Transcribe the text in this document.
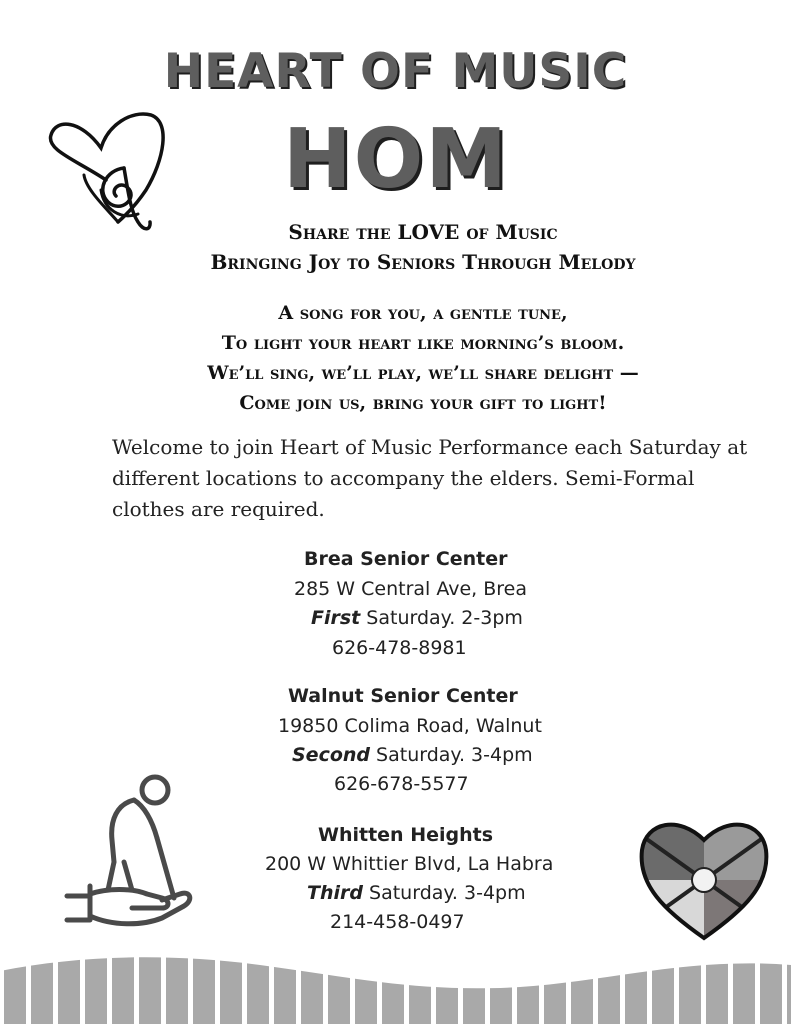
HEART OF MUSIC
HOM
Share the LOVE of Music
Bringing Joy to Seniors Through Melody
A song for you, a gentle tune,
To light your heart like morning’s bloom.
We’ll sing, we’ll play, we’ll share delight —
Come join us, bring your gift to light!
Welcome to join Heart of Music Performance each Saturday at different locations to accompany the elders. Semi-Formal clothes are required.
Brea Senior Center
285 W Central Ave, Brea
First Saturday. 2-3pm
626-478-8981
Walnut Senior Center
19850 Colima Road, Walnut
Second Saturday. 3-4pm
626-678-5577
Whitten Heights
200 W Whittier Blvd, La Habra
Third Saturday. 3-4pm
214-458-0497
